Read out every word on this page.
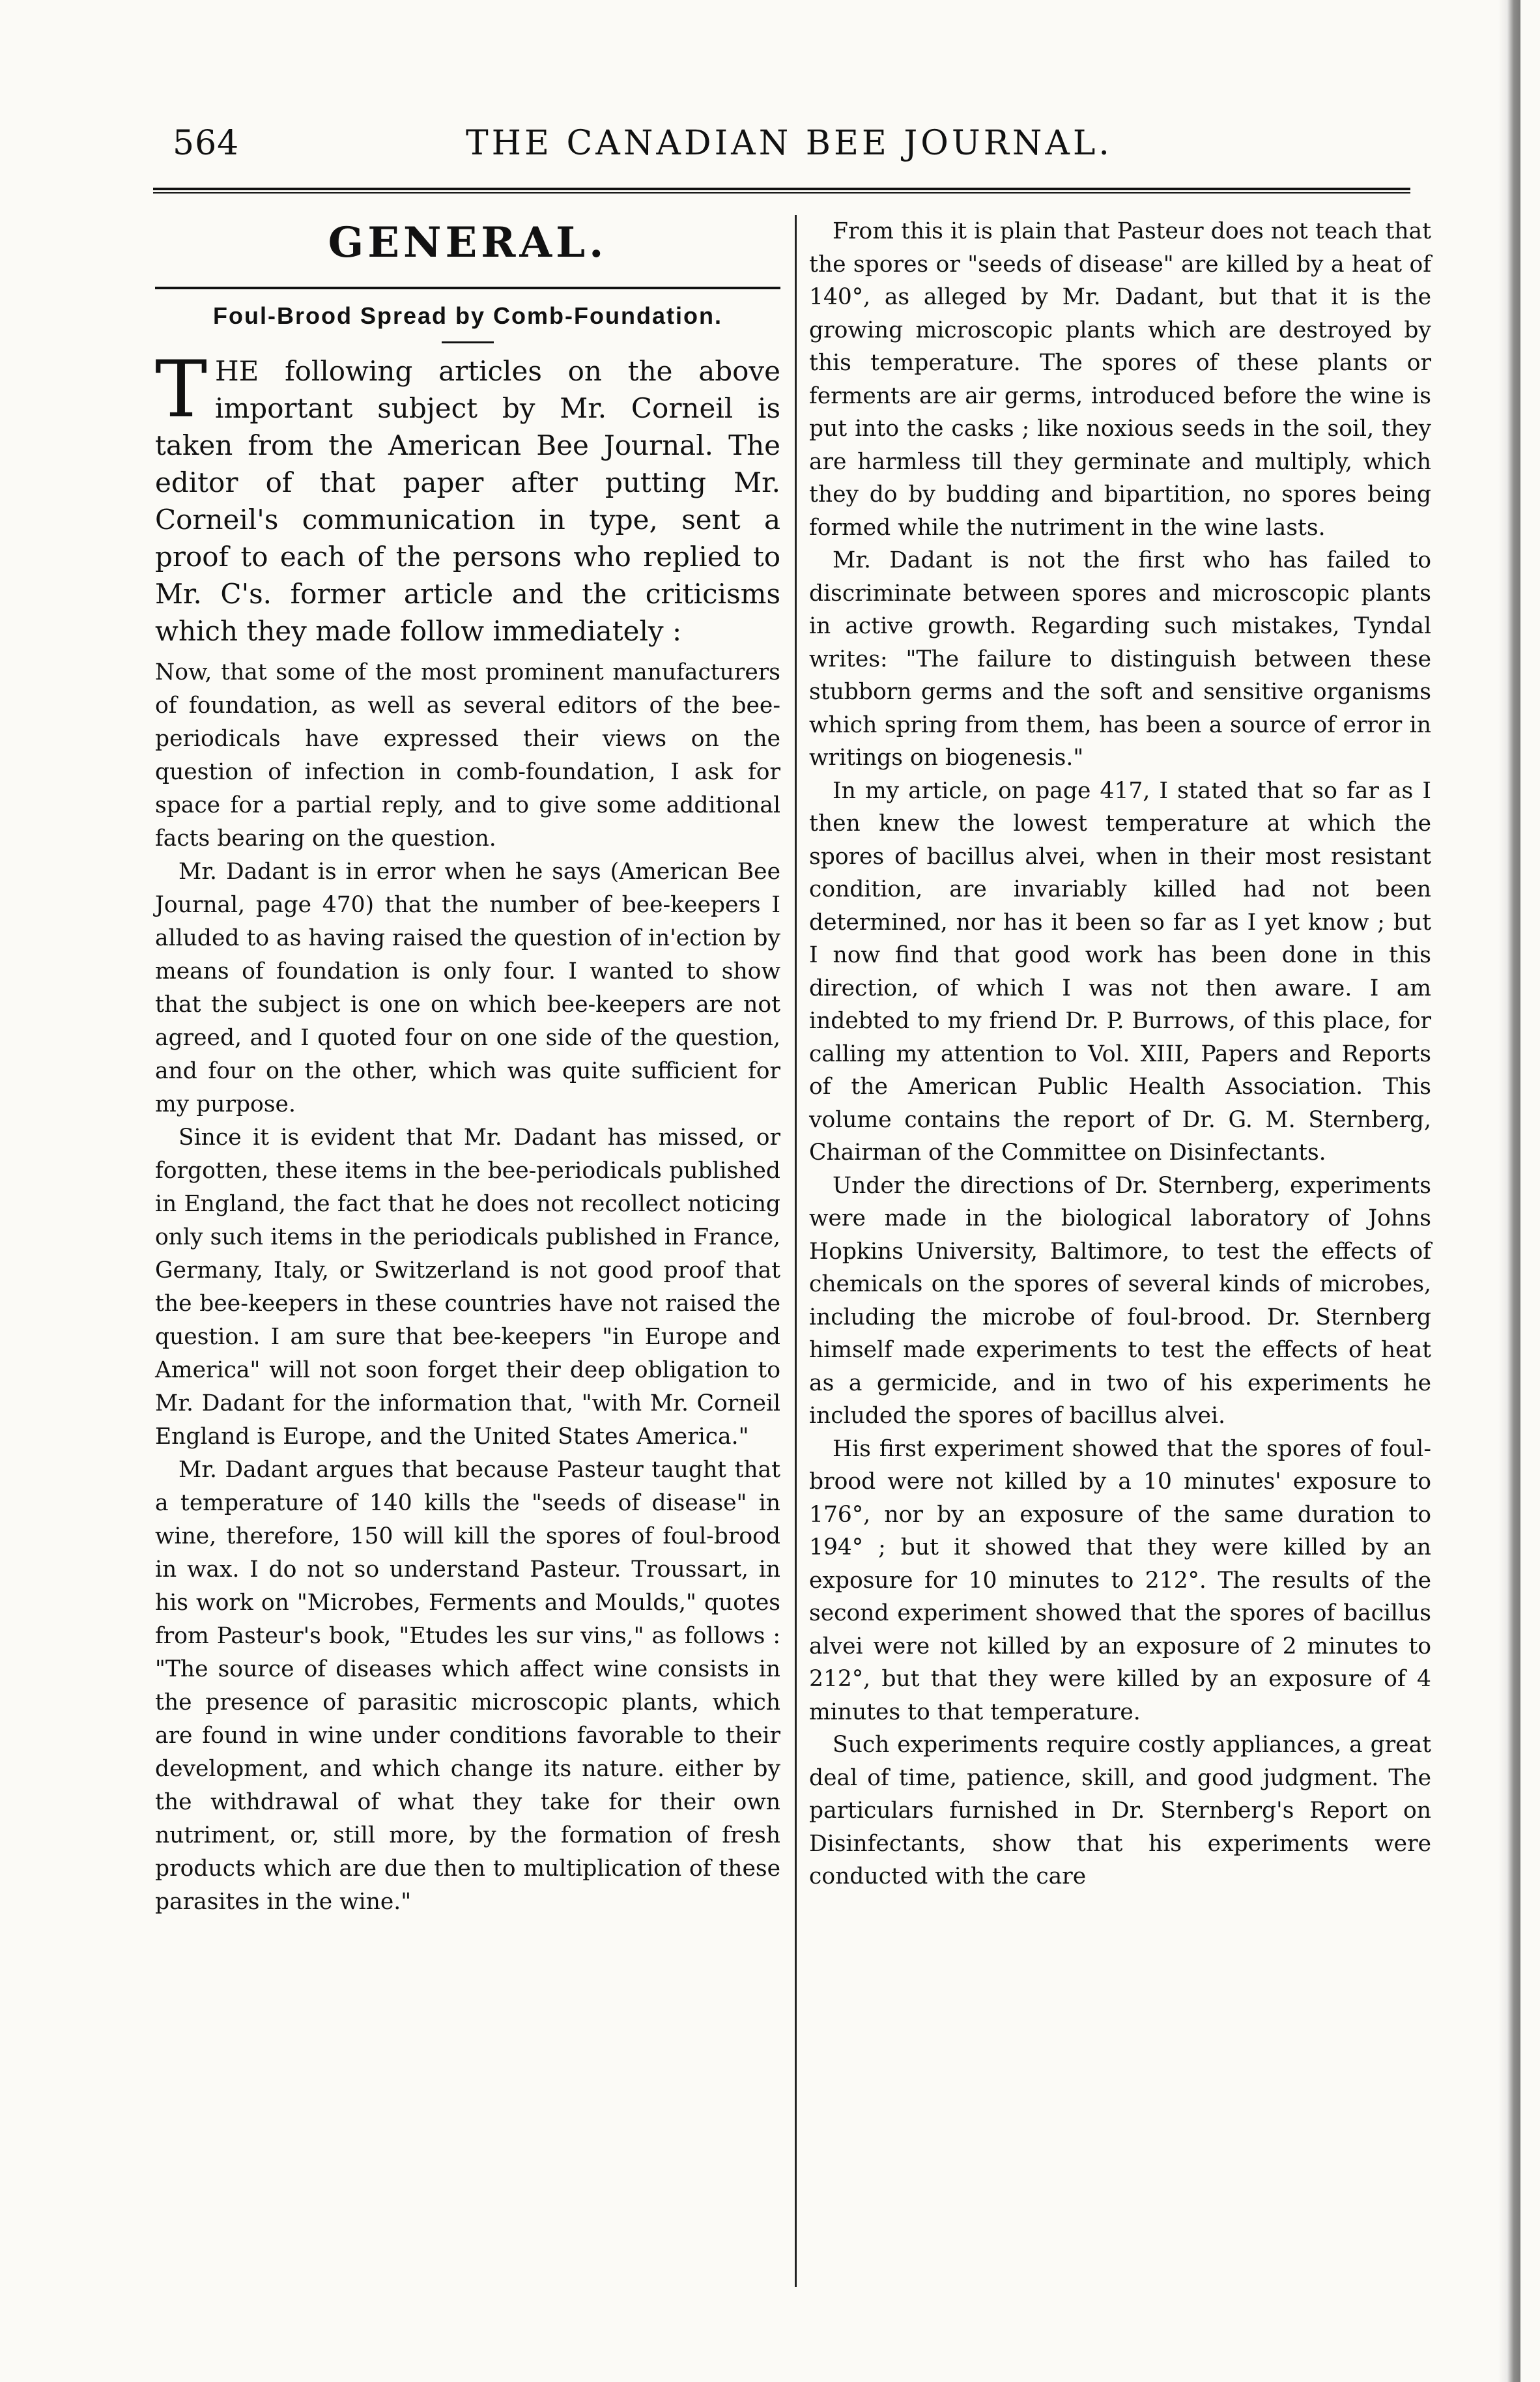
564	THE CANADIAN BEE JOURNAL.
GENERAL.
Foul-Brood Spread by Comb-Foundation.

THE following articles on the above important subject by Mr. Corneil is taken from the American Bee Journal. The editor of that paper after putting Mr. Corneil's communication in type, sent a proof to each of the persons who replied to Mr. C's. former article and the criticisms which they made follow immediately :

Now, that some of the most prominent manufacturers of foundation, as well as several editors of the bee-periodicals have expressed their views on the question of infection in comb-foundation, I ask for space for a partial reply, and to give some additional facts bearing on the question.

Mr. Dadant is in error when he says (American Bee Journal, page 470) that the number of bee-keepers I alluded to as having raised the question of in'ection by means of foundation is only four. I wanted to show that the subject is one on which bee-keepers are not agreed, and I quoted four on one side of the question, and four on the other, which was quite sufficient for my purpose.

Since it is evident that Mr. Dadant has missed, or forgotten, these items in the bee-periodicals published in England, the fact that he does not recollect noticing only such items in the periodicals published in France, Germany, Italy, or Switzerland is not good proof that the bee-keepers in these countries have not raised the question. I am sure that bee-keepers "in Europe and America" will not soon forget their deep obligation to Mr. Dadant for the information that, "with Mr. Corneil England is Europe, and the United States America."

Mr. Dadant argues that because Pasteur taught that a temperature of 140 kills the "seeds of disease" in wine, therefore, 150 will kill the spores of foul-brood in wax. I do not so understand Pasteur. Troussart, in his work on "Microbes, Ferments and Moulds," quotes from Pasteur's book, "Etudes les sur vins," as follows : "The source of diseases which affect wine consists in the presence of parasitic microscopic plants, which are found in wine under conditions favorable to their development, and which change its nature. either by the withdrawal of what they take for their own nutriment, or, still more, by the formation of fresh products which are due then to multiplication of these parasites in the wine."

From this it is plain that Pasteur does not teach that the spores or "seeds of disease" are killed by a heat of 140°, as alleged by Mr. Dadant, but that it is the growing microscopic plants which are destroyed by this temperature. The spores of these plants or ferments are air germs, introduced before the wine is put into the casks ; like noxious seeds in the soil, they are harmless till they germinate and multiply, which they do by budding and bipartition, no spores being formed while the nutriment in the wine lasts.

Mr. Dadant is not the first who has failed to discriminate between spores and microscopic plants in active growth. Regarding such mistakes, Tyndal writes: "The failure to distinguish between these stubborn germs and the soft and sensitive organisms which spring from them, has been a source of error in writings on biogenesis."

In my article, on page 417, I stated that so far as I then knew the lowest temperature at which the spores of bacillus alvei, when in their most resistant condition, are invariably killed had not been determined, nor has it been so far as I yet know ; but I now find that good work has been done in this direction, of which I was not then aware. I am indebted to my friend Dr. P. Burrows, of this place, for calling my attention to Vol. XIII, Papers and Reports of the American Public Health Association. This volume contains the report of Dr. G. M. Sternberg, Chairman of the Committee on Disinfectants.

Under the directions of Dr. Sternberg, experiments were made in the biological laboratory of Johns Hopkins University, Baltimore, to test the effects of chemicals on the spores of several kinds of microbes, including the microbe of foul-brood. Dr. Sternberg himself made experiments to test the effects of heat as a germicide, and in two of his experiments he included the spores of bacillus alvei.

His first experiment showed that the spores of foul-brood were not killed by a 10 minutes' exposure to 176°, nor by an exposure of the same duration to 194° ; but it showed that they were killed by an exposure for 10 minutes to 212°. The results of the second experiment showed that the spores of bacillus alvei were not killed by an exposure of 2 minutes to 212°, but that they were killed by an exposure of 4 minutes to that temperature.

Such experiments require costly appliances, a great deal of time, patience, skill, and good judgment. The particulars furnished in Dr. Sternberg's Report on Disinfectants, show that his experiments were conducted with the care
